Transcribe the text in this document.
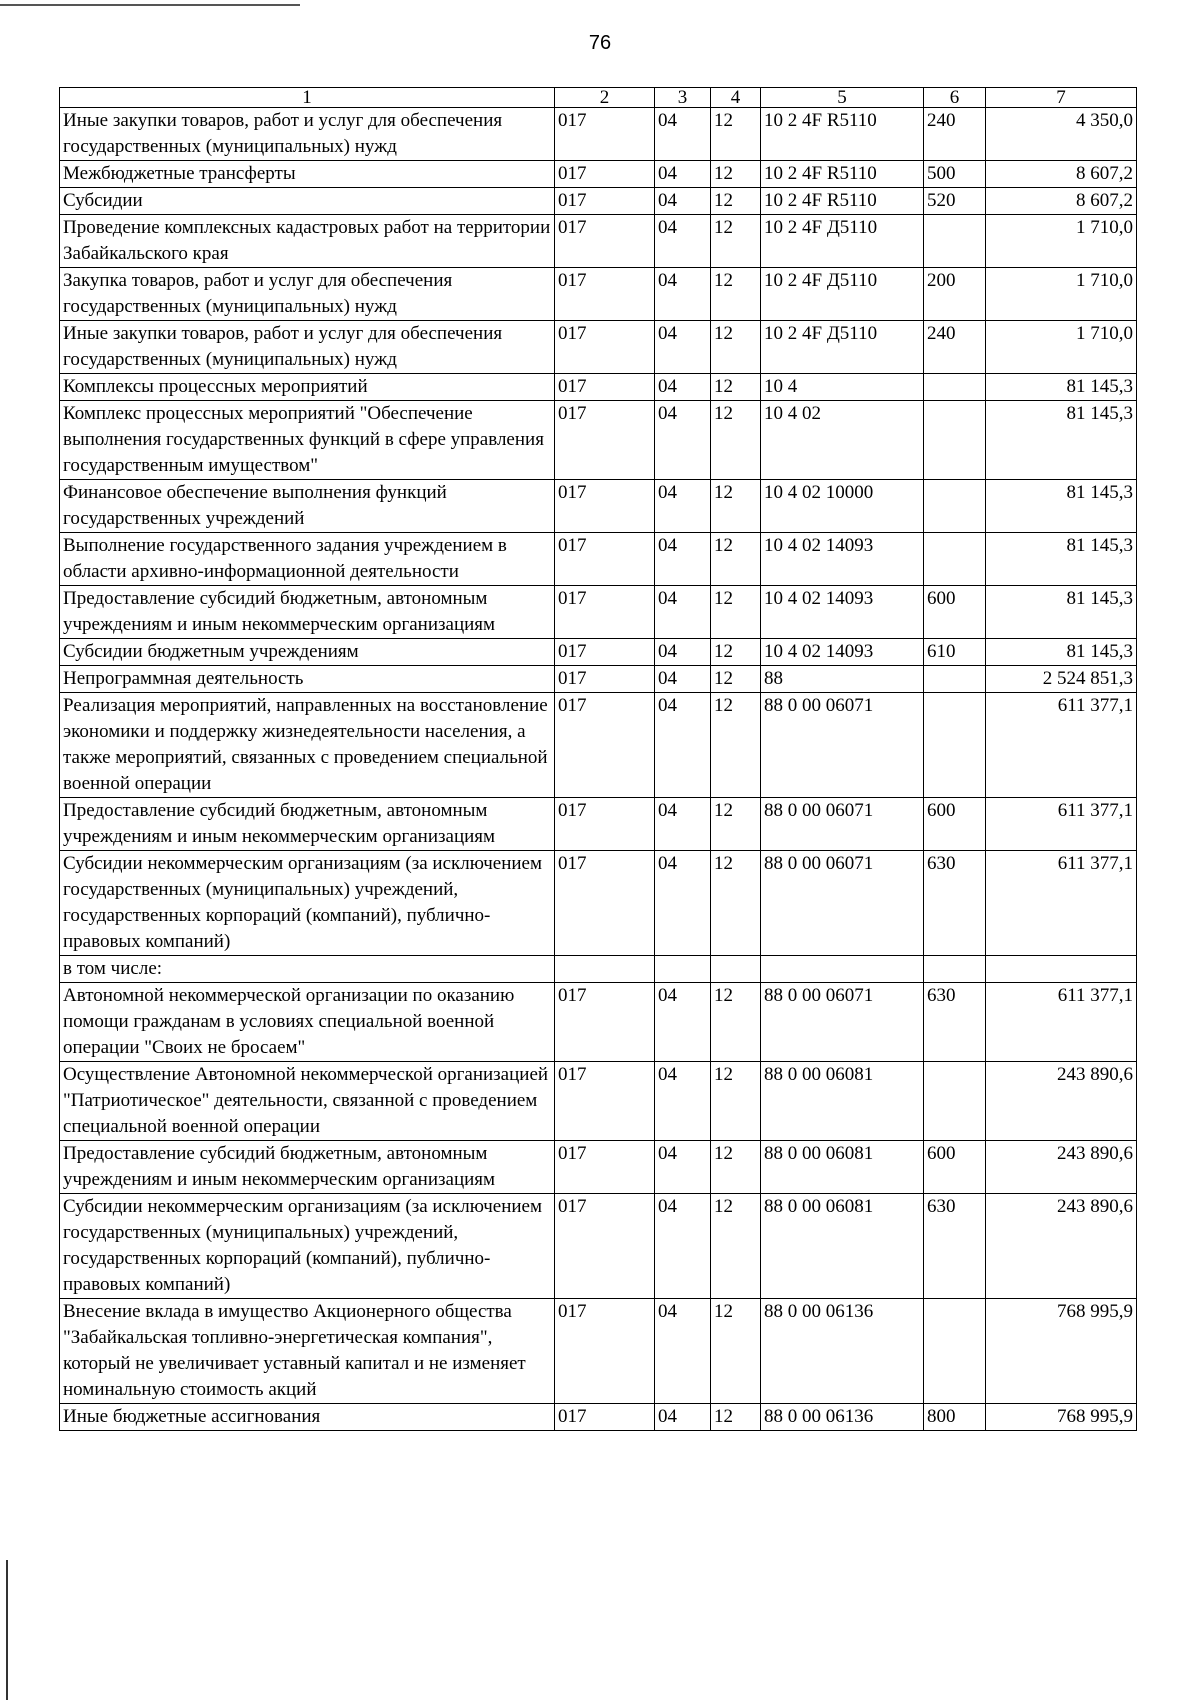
76
1	2	3	4	5	6	7
Иные закупки товаров, работ и услуг для обеспечения государственных (муниципальных) нужд	017	04	12	10 2 4F R5110	240	4 350,0
Межбюджетные трансферты	017	04	12	10 2 4F R5110	500	8 607,2
Субсидии	017	04	12	10 2 4F R5110	520	8 607,2
Проведение комплексных кадастровых работ на территории Забайкальского края	017	04	12	10 2 4F Д5110		1 710,0
Закупка товаров, работ и услуг для обеспечения государственных (муниципальных) нужд	017	04	12	10 2 4F Д5110	200	1 710,0
Иные закупки товаров, работ и услуг для обеспечения государственных (муниципальных) нужд	017	04	12	10 2 4F Д5110	240	1 710,0
Комплексы процессных мероприятий	017	04	12	10 4		81 145,3
Комплекс процессных мероприятий "Обеспечение выполнения государственных функций в сфере управления государственным имуществом"	017	04	12	10 4 02		81 145,3
Финансовое обеспечение выполнения функций государственных учреждений	017	04	12	10 4 02 10000		81 145,3
Выполнение государственного задания учреждением в области архивно-информационной деятельности	017	04	12	10 4 02 14093		81 145,3
Предоставление субсидий бюджетным, автономным учреждениям и иным некоммерческим организациям	017	04	12	10 4 02 14093	600	81 145,3
Субсидии бюджетным учреждениям	017	04	12	10 4 02 14093	610	81 145,3
Непрограммная деятельность	017	04	12	88		2 524 851,3
Реализация мероприятий, направленных на восстановление экономики и поддержку жизнедеятельности населения, а также мероприятий, связанных с проведением специальной военной операции	017	04	12	88 0 00 06071		611 377,1
Предоставление субсидий бюджетным, автономным учреждениям и иным некоммерческим организациям	017	04	12	88 0 00 06071	600	611 377,1
Субсидии некоммерческим организациям (за исключением государственных (муниципальных) учреждений, государственных корпораций (компаний), публично-правовых компаний)	017	04	12	88 0 00 06071	630	611 377,1
в том числе:						
Автономной некоммерческой организации по оказанию помощи гражданам в условиях специальной военной операции "Своих не бросаем"	017	04	12	88 0 00 06071	630	611 377,1
Осуществление Автономной некоммерческой организацией "Патриотическое" деятельности, связанной с проведением специальной военной операции	017	04	12	88 0 00 06081		243 890,6
Предоставление субсидий бюджетным, автономным учреждениям и иным некоммерческим организациям	017	04	12	88 0 00 06081	600	243 890,6
Субсидии некоммерческим организациям (за исключением государственных (муниципальных) учреждений, государственных корпораций (компаний), публично-правовых компаний)	017	04	12	88 0 00 06081	630	243 890,6
Внесение вклада в имущество Акционерного общества "Забайкальская топливно-энергетическая компания", который не увеличивает уставный капитал и не изменяет номинальную стоимость акций	017	04	12	88 0 00 06136		768 995,9
Иные бюджетные ассигнования	017	04	12	88 0 00 06136	800	768 995,9
